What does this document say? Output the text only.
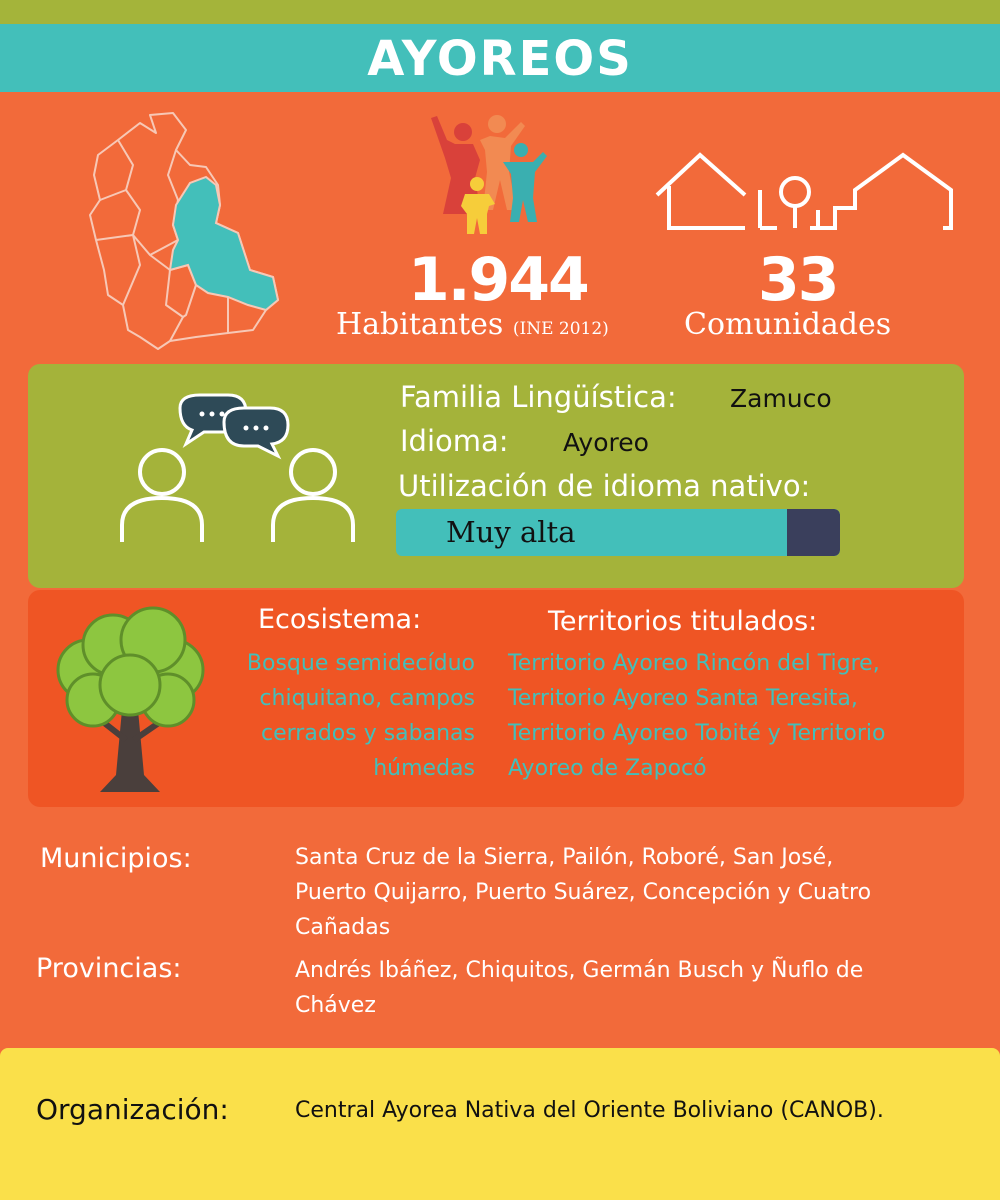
AYOREOS
1.944
Habitantes (INE 2012)
33
Comunidades
Familia Lingüística: Zamuco
Idioma: Ayoreo
Utilización de idioma nativo:
Muy alta
Ecosistema:
Bosque semidecíduo
chiquitano, campos
cerrados y sabanas
húmedas
Territorios titulados:
Territorio Ayoreo Rincón del Tigre,
Territorio Ayoreo Santa Teresita,
Territorio Ayoreo Tobité y Territorio
Ayoreo de Zapocó
Municipios:	Santa Cruz de la Sierra, Pailón, Roboré, San José,
Puerto Quijarro, Puerto Suárez, Concepción y Cuatro
Cañadas
Provincias:	Andrés Ibáñez, Chiquitos, Germán Busch y Ñuflo de
Chávez
Organización:	Central Ayorea Nativa del Oriente Boliviano (CANOB).
